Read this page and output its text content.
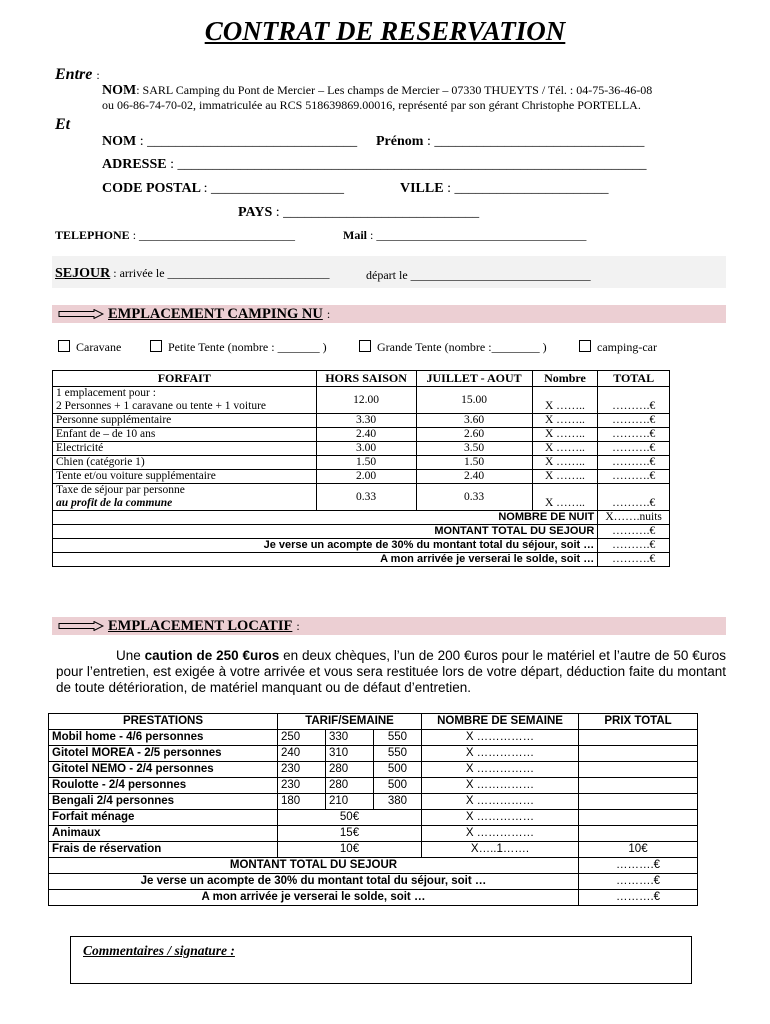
CONTRAT DE RESERVATION
Entre :
NOM: SARL Camping du Pont de Mercier – Les champs de Mercier – 07330 THUEYTS / Tél. : 04-75-36-46-08
ou 06-86-74-70-02, immatriculée au RCS 518639869.00016, représenté par son gérant Christophe PORTELLA.
Et
NOM : ______________________________ Prénom : ______________________________
ADRESSE : ___________________________________________________________________
CODE POSTAL : ___________________	VILLE : ______________________
PAYS : ____________________________
TELEPHONE : __________________________	Mail : ___________________________________
SEJOUR : arrivée le ___________________________	départ le ______________________________
EMPLACEMENT CAMPING NU :
Caravane	Petite Tente (nombre : _______ )	Grande Tente (nombre :________ )	camping-car
FORFAIT	HORS SAISON	JUILLET - AOUT	Nombre	TOTAL
1 emplacement pour :
2 Personnes + 1 caravane ou tente + 1 voiture	12.00	15.00	X ……..	……….€
Personne supplémentaire	3.30	3.60	X ……..	……….€
Enfant de – de 10 ans	2.40	2.60	X ……..	……….€
Electricité	3.00	3.50	X ……..	……….€
Chien (catégorie 1)	1.50	1.50	X ……..	……….€
Tente et/ou voiture supplémentaire	2.00	2.40	X ……..	……….€
Taxe de séjour par personne
au profit de la commune	0.33	0.33	X ……..	……….€
NOMBRE DE NUIT				X…….nuits
MONTANT TOTAL DU SEJOUR				……….€
Je verse un acompte de 30% du montant total du séjour, soit …				……….€
A mon arrivée je verserai le solde, soit …				……….€
EMPLACEMENT LOCATIF :
Une caution de 250 €uros en deux chèques, l’un de 200 €uros pour le matériel et l’autre de 50 €uros pour l’entretien, est exigée à votre arrivée et vous sera restituée lors de votre départ, déduction faite du montant de toute détérioration, de matériel manquant ou de défaut d’entretien.
PRESTATIONS	TARIF/SEMAINE			NOMBRE DE SEMAINE	PRIX TOTAL
Mobil home - 4/6 personnes	250	330	550	X ……………	
Gitotel MOREA - 2/5 personnes	240	310	550	X ……………	
Gitotel NEMO - 2/4 personnes	230	280	500	X ……………	
Roulotte - 2/4 personnes	230	280	500	X ……………	
Bengali 2/4 personnes	180	210	380	X ……………	
Forfait ménage	50€			X ……………	
Animaux	15€			X ……………	
Frais de réservation	10€			X…..1…….	10€
MONTANT TOTAL DU SEJOUR					……….€
Je verse un acompte de 30% du montant total du séjour, soit …					……….€
A mon arrivée je verserai le solde, soit …					……….€
Commentaires / signature :
